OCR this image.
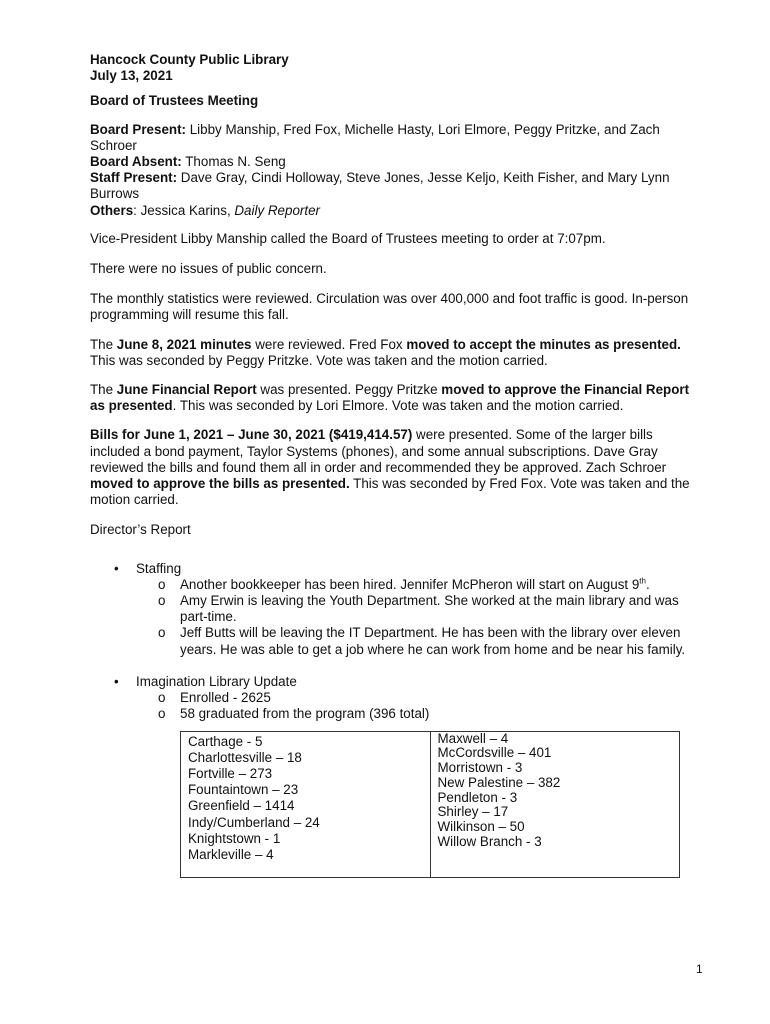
Hancock County Public Library
July 13, 2021
Board of Trustees Meeting
Board Present: Libby Manship, Fred Fox, Michelle Hasty, Lori Elmore, Peggy Pritzke, and Zach Schroer
Board Absent: Thomas N. Seng
Staff Present: Dave Gray, Cindi Holloway, Steve Jones, Jesse Keljo, Keith Fisher, and Mary Lynn Burrows
Others: Jessica Karins, Daily Reporter
Vice-President Libby Manship called the Board of Trustees meeting to order at 7:07pm.
There were no issues of public concern.
The monthly statistics were reviewed. Circulation was over 400,000 and foot traffic is good. In-person programming will resume this fall.
The June 8, 2021 minutes were reviewed. Fred Fox moved to accept the minutes as presented. This was seconded by Peggy Pritzke. Vote was taken and the motion carried.
The June Financial Report was presented. Peggy Pritzke moved to approve the Financial Report as presented. This was seconded by Lori Elmore. Vote was taken and the motion carried.
Bills for June 1, 2021 – June 30, 2021 ($419,414.57) were presented. Some of the larger bills included a bond payment, Taylor Systems (phones), and some annual subscriptions. Dave Gray reviewed the bills and found them all in order and recommended they be approved. Zach Schroer moved to approve the bills as presented. This was seconded by Fred Fox. Vote was taken and the motion carried.
Director’s Report
• Staffing
o Another bookkeeper has been hired. Jennifer McPheron will start on August 9th.
o Amy Erwin is leaving the Youth Department. She worked at the main library and was part-time.
o Jeff Butts will be leaving the IT Department. He has been with the library over eleven years. He was able to get a job where he can work from home and be near his family.
• Imagination Library Update
o Enrolled - 2625
o 58 graduated from the program (396 total)
Carthage - 5
Charlottesville – 18
Fortville – 273
Fountaintown – 23
Greenfield – 1414
Indy/Cumberland – 24
Knightstown - 1
Markleville – 4

Maxwell – 4
McCordsville – 401
Morristown - 3
New Palestine – 382
Pendleton - 3
Shirley – 17
Wilkinson – 50
Willow Branch - 3
1
